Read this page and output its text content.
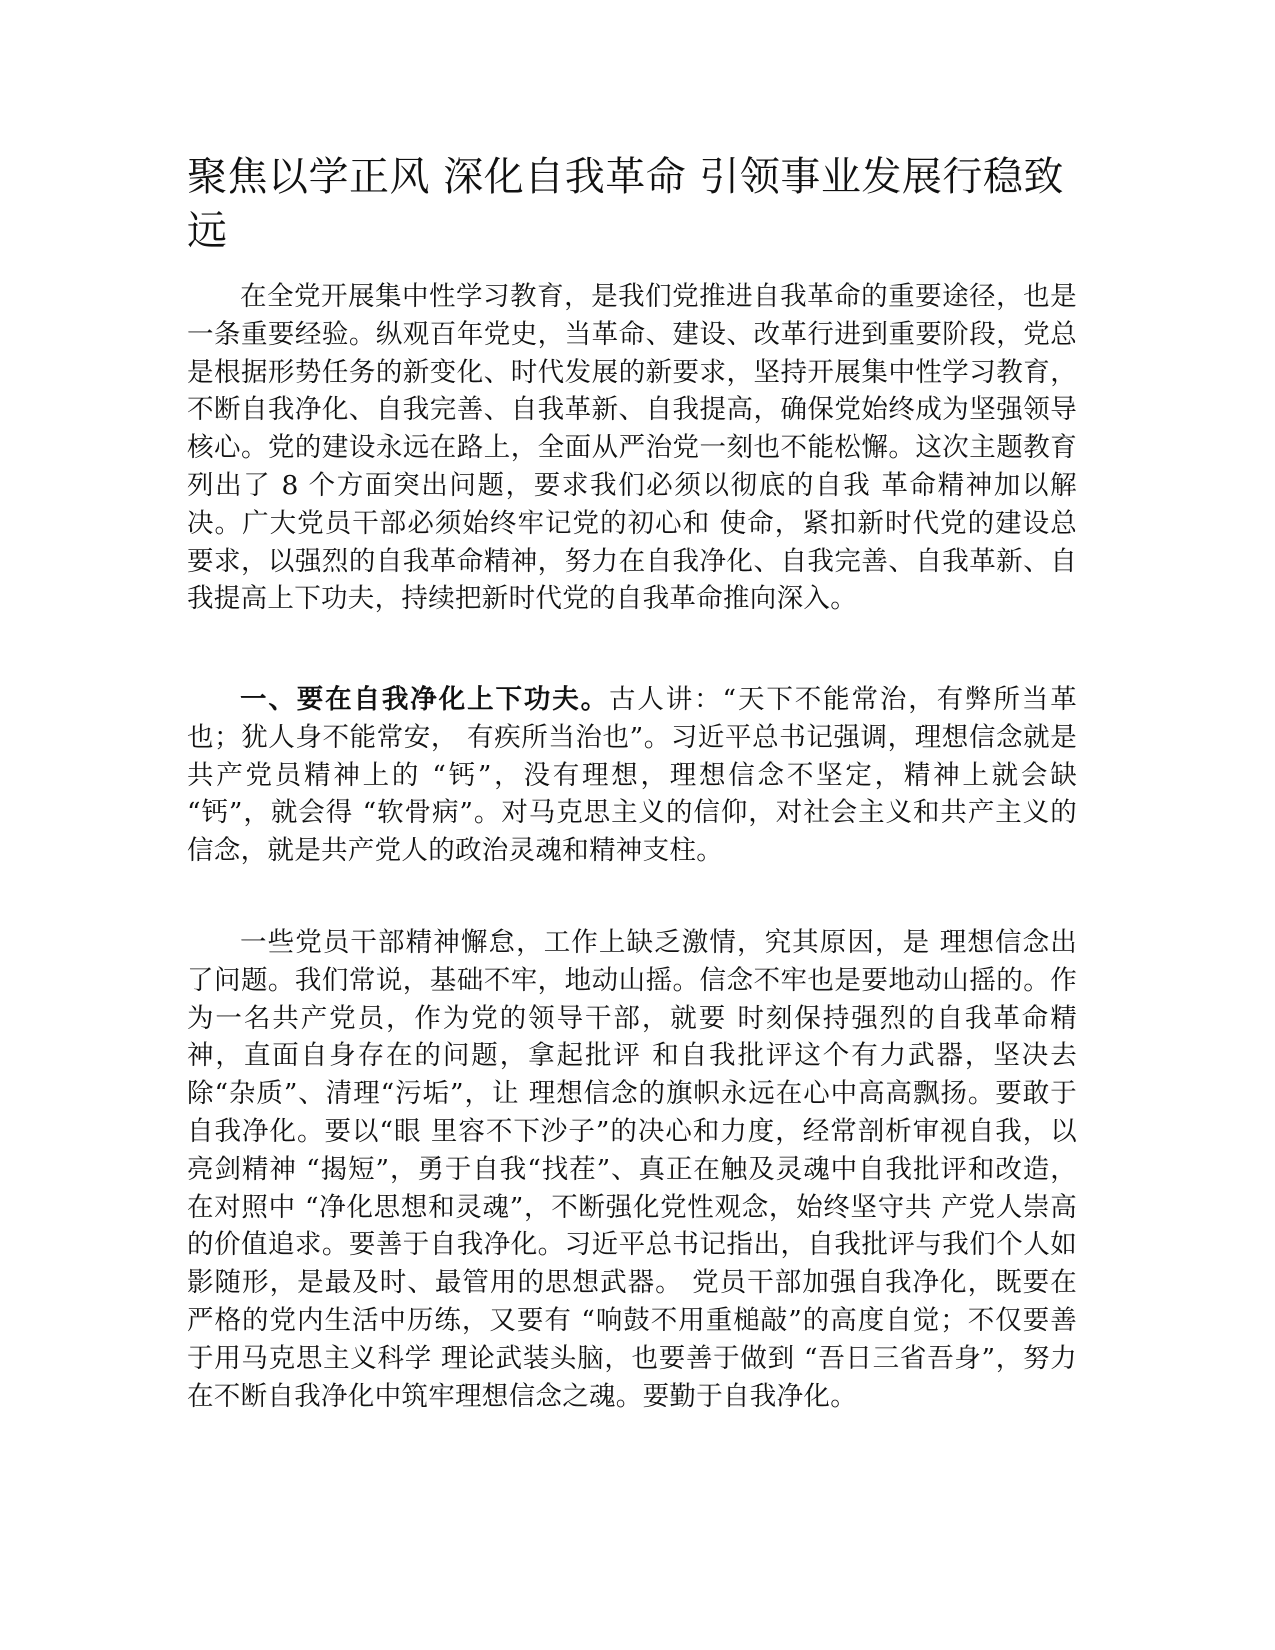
聚焦以学正风 深化自我革命 引领事业发展行稳致远

在全党开展集中性学习教育，是我们党推进自我革命的重要途径，也是一条重要经验。纵观百年党史，当革命、建设、改革行进到重要阶段，党总是根据形势任务的新变化、时代发展的新要求，坚持开展集中性学习教育，不断自我净化、自我完善、自我革新、自我提高，确保党始终成为坚强领导核心。党的建设永远在路上，全面从严治党一刻也不能松懈。这次主题教育列出了 8 个方面突出问题，要求我们必须以彻底的自我 革命精神加以解决。广大党员干部必须始终牢记党的初心和 使命，紧扣新时代党的建设总要求，以强烈的自我革命精神，努力在自我净化、自我完善、自我革新、自我提高上下功夫，持续把新时代党的自我革命推向深入。

一、要在自我净化上下功夫。古人讲：“天下不能常治，有弊所当革也；犹人身不能常安， 有疾所当治也”。习近平总书记强调，理想信念就是共产党员精神上的 “钙”，没有理想，理想信念不坚定，精神上就会缺 “钙”，就会得 “软骨病”。对马克思主义的信仰，对社会主义和共产主义的信念，就是共产党人的政治灵魂和精神支柱。

一些党员干部精神懈怠，工作上缺乏激情，究其原因，是 理想信念出了问题。我们常说，基础不牢，地动山摇。信念不牢也是要地动山摇的。作为一名共产党员，作为党的领导干部，就要 时刻保持强烈的自我革命精神，直面自身存在的问题，拿起批评 和自我批评这个有力武器，坚决去除“杂质”、清理“污垢”，让 理想信念的旗帜永远在心中高高飘扬。要敢于自我净化。要以“眼 里容不下沙子”的决心和力度，经常剖析审视自我，以亮剑精神 “揭短”，勇于自我“找茬”、真正在触及灵魂中自我批评和改造， 在对照中 “净化思想和灵魂”，不断强化党性观念，始终坚守共 产党人崇高的价值追求。要善于自我净化。习近平总书记指出，自我批评与我们个人如影随形，是最及时、最管用的思想武器。 党员干部加强自我净化，既要在严格的党内生活中历练，又要有 “响鼓不用重槌敲”的高度自觉；不仅要善于用马克思主义科学 理论武装头脑，也要善于做到 “吾日三省吾身”，努力在不断自我净化中筑牢理想信念之魂。要勤于自我净化。
